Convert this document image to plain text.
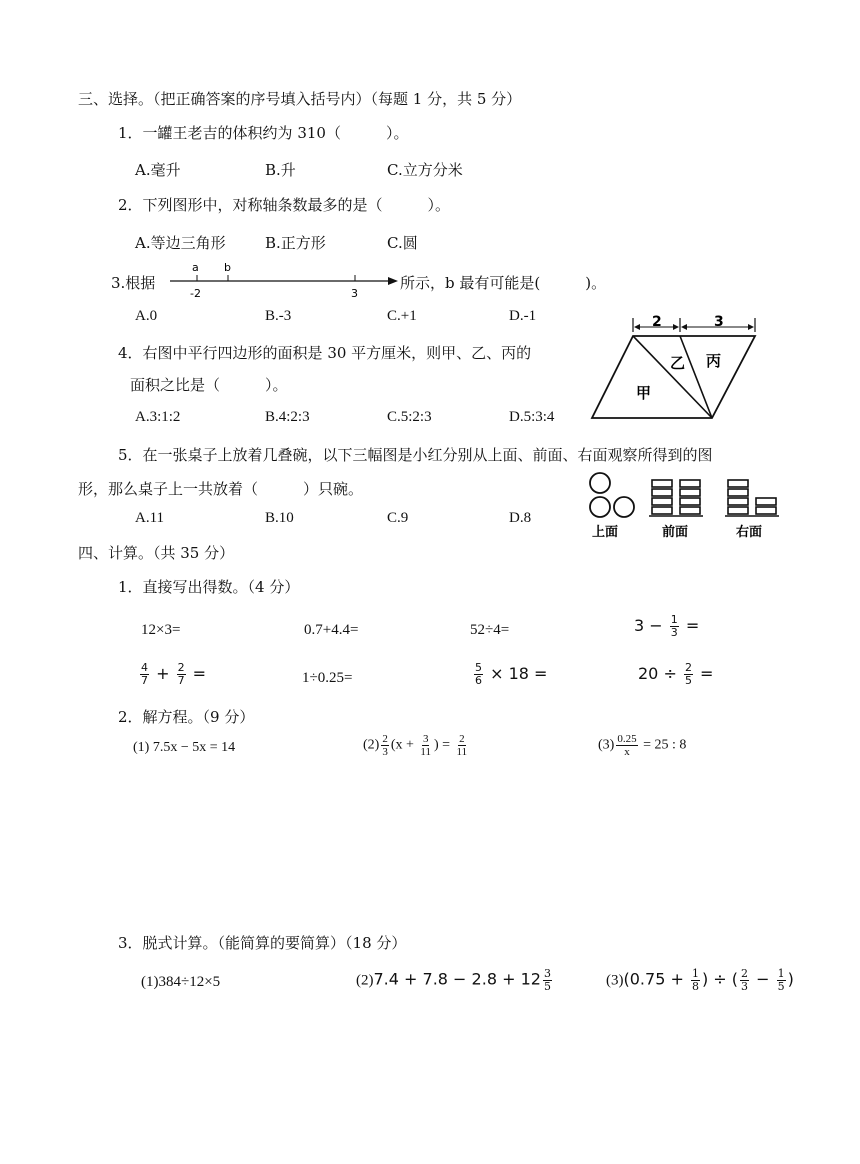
三、选择。（把正确答案的序号填入括号内）（每题 1 分，共 5 分）
1．一罐王老吉的体积约为 310（　　　）。
A.毫升	B.升	C.立方分米
2．下列图形中，对称轴条数最多的是（　　　）。
A.等边三角形	B.正方形	C.圆
3.根据
a b
-2	3
所示，b 最有可能是(　　　)。
A.0	B.-3	C.+1	D.-1
4．右图中平行四边形的面积是 30 平方厘米，则甲、乙、丙的
面积之比是（　　　）。
A.3:1:2	B.4:2:3	C.5:2:3	D.5:3:4
2	3
甲
乙 丙
5．在一张桌子上放着几叠碗，以下三幅图是小红分别从上面、前面、右面观察所得到的图
形，那么桌子上一共放着（　　　）只碗。
A.11	B.10	C.9	D.8
上面	前面	右面
四、计算。（共 35 分）
1．直接写出得数。（4 分）
12×3=	0.7+4.4=	52÷4=	$3 - \frac{1}{3}$ =
$\frac{4}{7} + \frac{2}{7}$ =	1÷0.25=	$\frac{5}{6} \times 18$ =	$20 \div \frac{2}{5}$ =
2．解方程。（9 分）
(1) 7.5x − 5x = 14	$(2) \frac{2}{3} (x + \frac{3}{11}$ ) = $\frac{2}{11}$	$(3) \frac{0.25}{x} = 25$ : 8
3．脱式计算。（能简算的要简算）（18 分）
(1)384÷12×5	$(2)7.4 + 7.8 - 2.8 + 12 \frac{3}{5}$	$(3)(0.75 + \frac{1}{8}$ ) ÷ ( $\frac{2}{3} - \frac{1}{5}$ )
